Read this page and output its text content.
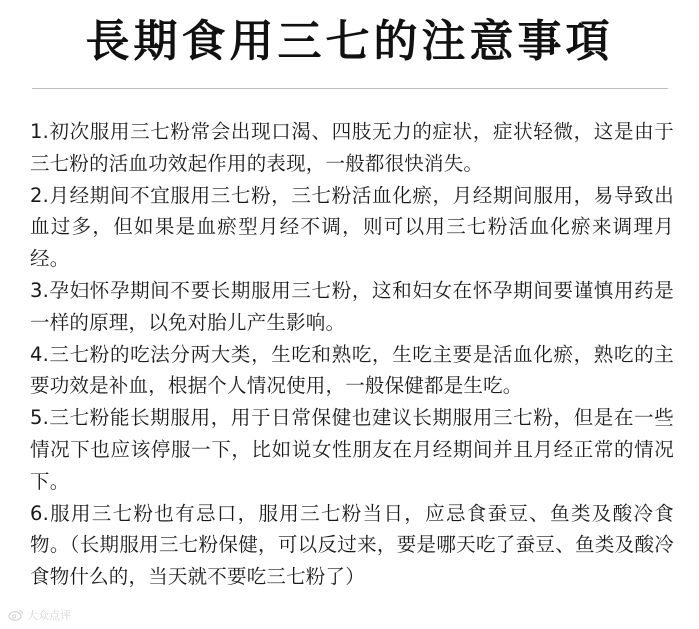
長期食用三七的注意事項

1.初次服用三七粉常会出现口渴、四肢无力的症状，症状轻微，这是由于三七粉的活血功效起作用的表现，一般都很快消失。

2.月经期间不宜服用三七粉，三七粉活血化瘀，月经期间服用，易导致出血过多，但如果是血瘀型月经不调，则可以用三七粉活血化瘀来调理月经。

3.孕妇怀孕期间不要长期服用三七粉，这和妇女在怀孕期间要谨慎用药是一样的原理，以免对胎儿产生影响。

4.三七粉的吃法分两大类，生吃和熟吃，生吃主要是活血化瘀，熟吃的主要功效是补血，根据个人情况使用，一般保健都是生吃。

5.三七粉能长期服用，用于日常保健也建议长期服用三七粉，但是在一些情况下也应该停服一下，比如说女性朋友在月经期间并且月经正常的情况下。

6.服用三七粉也有忌口，服用三七粉当日，应忌食蚕豆、鱼类及酸冷食物。（长期服用三七粉保健，可以反过来，要是哪天吃了蚕豆、鱼类及酸冷食物什么的，当天就不要吃三七粉了）

大众点评
